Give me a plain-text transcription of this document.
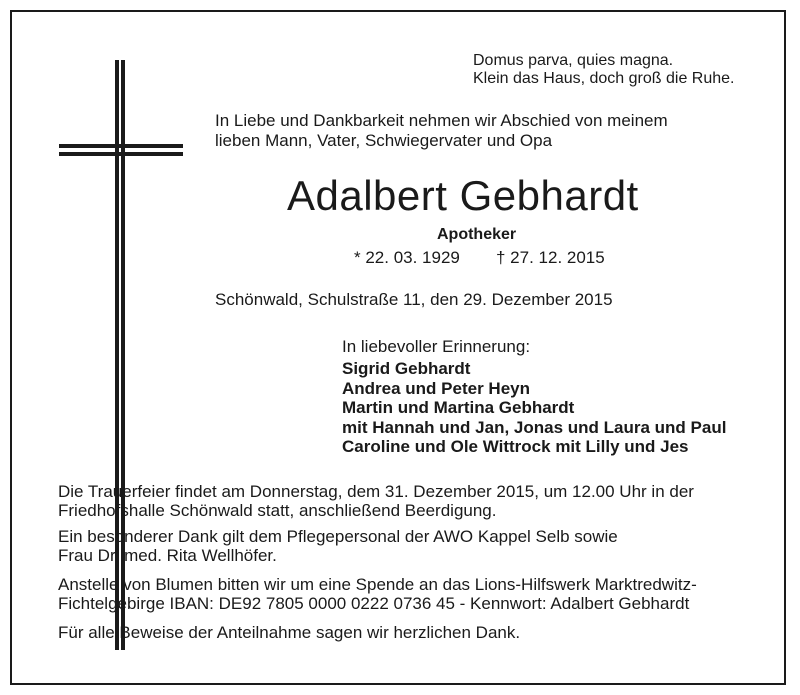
Domus parva, quies magna.
Klein das Haus, doch groß die Ruhe.
In Liebe und Dankbarkeit nehmen wir Abschied von meinem
lieben Mann, Vater, Schwiegervater und Opa
Adalbert Gebhardt
Apotheker
* 22. 03. 1929 † 27. 12. 2015
Schönwald, Schulstraße 11, den 29. Dezember 2015
In liebevoller Erinnerung:
Sigrid Gebhardt
Andrea und Peter Heyn
Martin und Martina Gebhardt
mit Hannah und Jan, Jonas und Laura und Paul
Caroline und Ole Wittrock mit Lilly und Jes
Die Trauerfeier findet am Donnerstag, dem 31. Dezember 2015, um 12.00 Uhr in der
Friedhofshalle Schönwald statt, anschließend Beerdigung.
Ein besonderer Dank gilt dem Pflegepersonal der AWO Kappel Selb sowie
Frau Dr. med. Rita Wellhöfer.
Anstelle von Blumen bitten wir um eine Spende an das Lions-Hilfswerk Marktredwitz-
Fichtelgebirge IBAN: DE92 7805 0000 0222 0736 45 - Kennwort: Adalbert Gebhardt
Für alle Beweise der Anteilnahme sagen wir herzlichen Dank.
